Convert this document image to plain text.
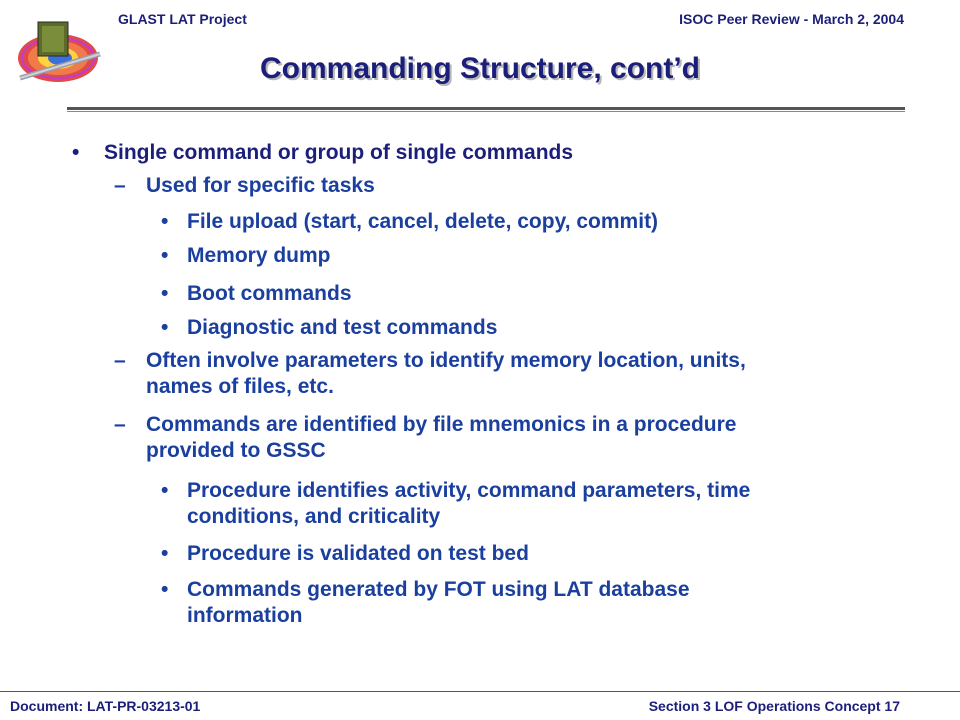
GLAST LAT Project	ISOC Peer Review - March 2, 2004
Commanding Structure, cont’d
• Single command or group of single commands
– Used for specific tasks
• File upload (start, cancel, delete, copy, commit)
• Memory dump
• Boot commands
• Diagnostic and test commands
– Often involve parameters to identify memory location, units,
names of files, etc.
– Commands are identified by file mnemonics in a procedure
provided to GSSC
• Procedure identifies activity, command parameters, time
conditions, and criticality
• Procedure is validated on test bed
• Commands generated by FOT using LAT database
information
Document: LAT-PR-03213-01	Section 3 LOF Operations Concept 17
